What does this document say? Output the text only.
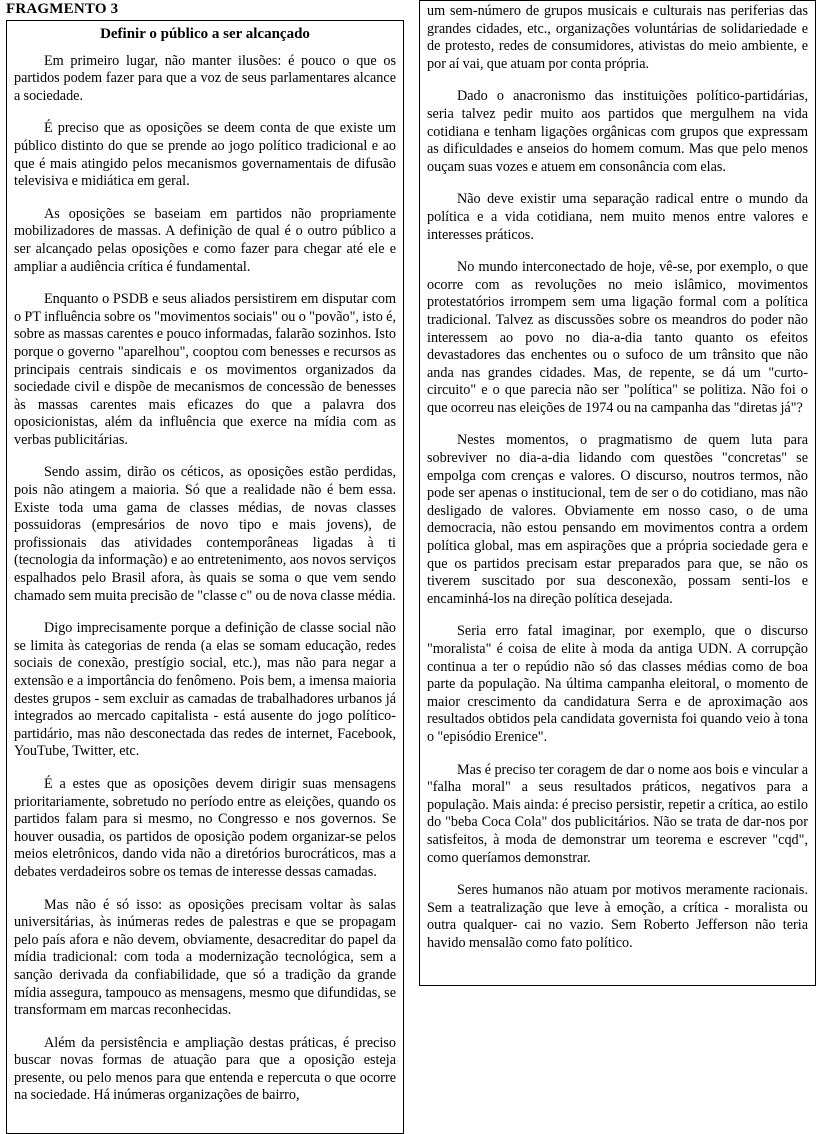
FRAGMENTO 3
Definir o público a ser alcançado

Em primeiro lugar, não manter ilusões: é pouco o que os partidos podem fazer para que a voz de seus parlamentares alcance a sociedade.

É preciso que as oposições se deem conta de que existe um público distinto do que se prende ao jogo político tradicional e ao que é mais atingido pelos mecanismos governamentais de difusão televisiva e midiática em geral.

As oposições se baseiam em partidos não propriamente mobilizadores de massas. A definição de qual é o outro público a ser alcançado pelas oposições e como fazer para chegar até ele e ampliar a audiência crítica é fundamental.

Enquanto o PSDB e seus aliados persistirem em disputar com o PT influência sobre os "movimentos sociais" ou o "povão", isto é, sobre as massas carentes e pouco informadas, falarão sozinhos. Isto porque o governo "aparelhou", cooptou com benesses e recursos as principais centrais sindicais e os movimentos organizados da sociedade civil e dispõe de mecanismos de concessão de benesses às massas carentes mais eficazes do que a palavra dos oposicionistas, além da influência que exerce na mídia com as verbas publicitárias.

Sendo assim, dirão os céticos, as oposições estão perdidas, pois não atingem a maioria. Só que a realidade não é bem essa. Existe toda uma gama de classes médias, de novas classes possuidoras (empresários de novo tipo e mais jovens), de profissionais das atividades contemporâneas ligadas à ti (tecnologia da informação) e ao entretenimento, aos novos serviços espalhados pelo Brasil afora, às quais se soma o que vem sendo chamado sem muita precisão de "classe c" ou de nova classe média.

Digo imprecisamente porque a definição de classe social não se limita às categorias de renda (a elas se somam educação, redes sociais de conexão, prestígio social, etc.), mas não para negar a extensão e a importância do fenômeno. Pois bem, a imensa maioria destes grupos - sem excluir as camadas de trabalhadores urbanos já integrados ao mercado capitalista - está ausente do jogo político-partidário, mas não desconectada das redes de internet, Facebook, YouTube, Twitter, etc.

É a estes que as oposições devem dirigir suas mensagens prioritariamente, sobretudo no período entre as eleições, quando os partidos falam para si mesmo, no Congresso e nos governos. Se houver ousadia, os partidos de oposição podem organizar-se pelos meios eletrônicos, dando vida não a diretórios burocráticos, mas a debates verdadeiros sobre os temas de interesse dessas camadas.

Mas não é só isso: as oposições precisam voltar às salas universitárias, às inúmeras redes de palestras e que se propagam pelo país afora e não devem, obviamente, desacreditar do papel da mídia tradicional: com toda a modernização tecnológica, sem a sanção derivada da confiabilidade, que só a tradição da grande mídia assegura, tampouco as mensagens, mesmo que difundidas, se transformam em marcas reconhecidas.

Além da persistência e ampliação destas práticas, é preciso buscar novas formas de atuação para que a oposição esteja presente, ou pelo menos para que entenda e repercuta o que ocorre na sociedade. Há inúmeras organizações de bairro,

um sem-número de grupos musicais e culturais nas periferias das grandes cidades, etc., organizações voluntárias de solidariedade e de protesto, redes de consumidores, ativistas do meio ambiente, e por aí vai, que atuam por conta própria.

Dado o anacronismo das instituições político-partidárias, seria talvez pedir muito aos partidos que mergulhem na vida cotidiana e tenham ligações orgânicas com grupos que expressam as dificuldades e anseios do homem comum. Mas que pelo menos ouçam suas vozes e atuem em consonância com elas.

Não deve existir uma separação radical entre o mundo da política e a vida cotidiana, nem muito menos entre valores e interesses práticos.

No mundo interconectado de hoje, vê-se, por exemplo, o que ocorre com as revoluções no meio islâmico, movimentos protestatórios irrompem sem uma ligação formal com a política tradicional. Talvez as discussões sobre os meandros do poder não interessem ao povo no dia-a-dia tanto quanto os efeitos devastadores das enchentes ou o sufoco de um trânsito que não anda nas grandes cidades. Mas, de repente, se dá um "curto-circuito" e o que parecia não ser "política" se politiza. Não foi o que ocorreu nas eleições de 1974 ou na campanha das "diretas já"?

Nestes momentos, o pragmatismo de quem luta para sobreviver no dia-a-dia lidando com questões "concretas" se empolga com crenças e valores. O discurso, noutros termos, não pode ser apenas o institucional, tem de ser o do cotidiano, mas não desligado de valores. Obviamente em nosso caso, o de uma democracia, não estou pensando em movimentos contra a ordem política global, mas em aspirações que a própria sociedade gera e que os partidos precisam estar preparados para que, se não os tiverem suscitado por sua desconexão, possam senti-los e encaminhá-los na direção política desejada.

Seria erro fatal imaginar, por exemplo, que o discurso "moralista" é coisa de elite à moda da antiga UDN. A corrupção continua a ter o repúdio não só das classes médias como de boa parte da população. Na última campanha eleitoral, o momento de maior crescimento da candidatura Serra e de aproximação aos resultados obtidos pela candidata governista foi quando veio à tona o "episódio Erenice".

Mas é preciso ter coragem de dar o nome aos bois e vincular a "falha moral" a seus resultados práticos, negativos para a população. Mais ainda: é preciso persistir, repetir a crítica, ao estilo do "beba Coca Cola" dos publicitários. Não se trata de dar-nos por satisfeitos, à moda de demonstrar um teorema e escrever "cqd", como queríamos demonstrar.

Seres humanos não atuam por motivos meramente racionais. Sem a teatralização que leve à emoção, a crítica - moralista ou outra qualquer- cai no vazio. Sem Roberto Jefferson não teria havido mensalão como fato político.
